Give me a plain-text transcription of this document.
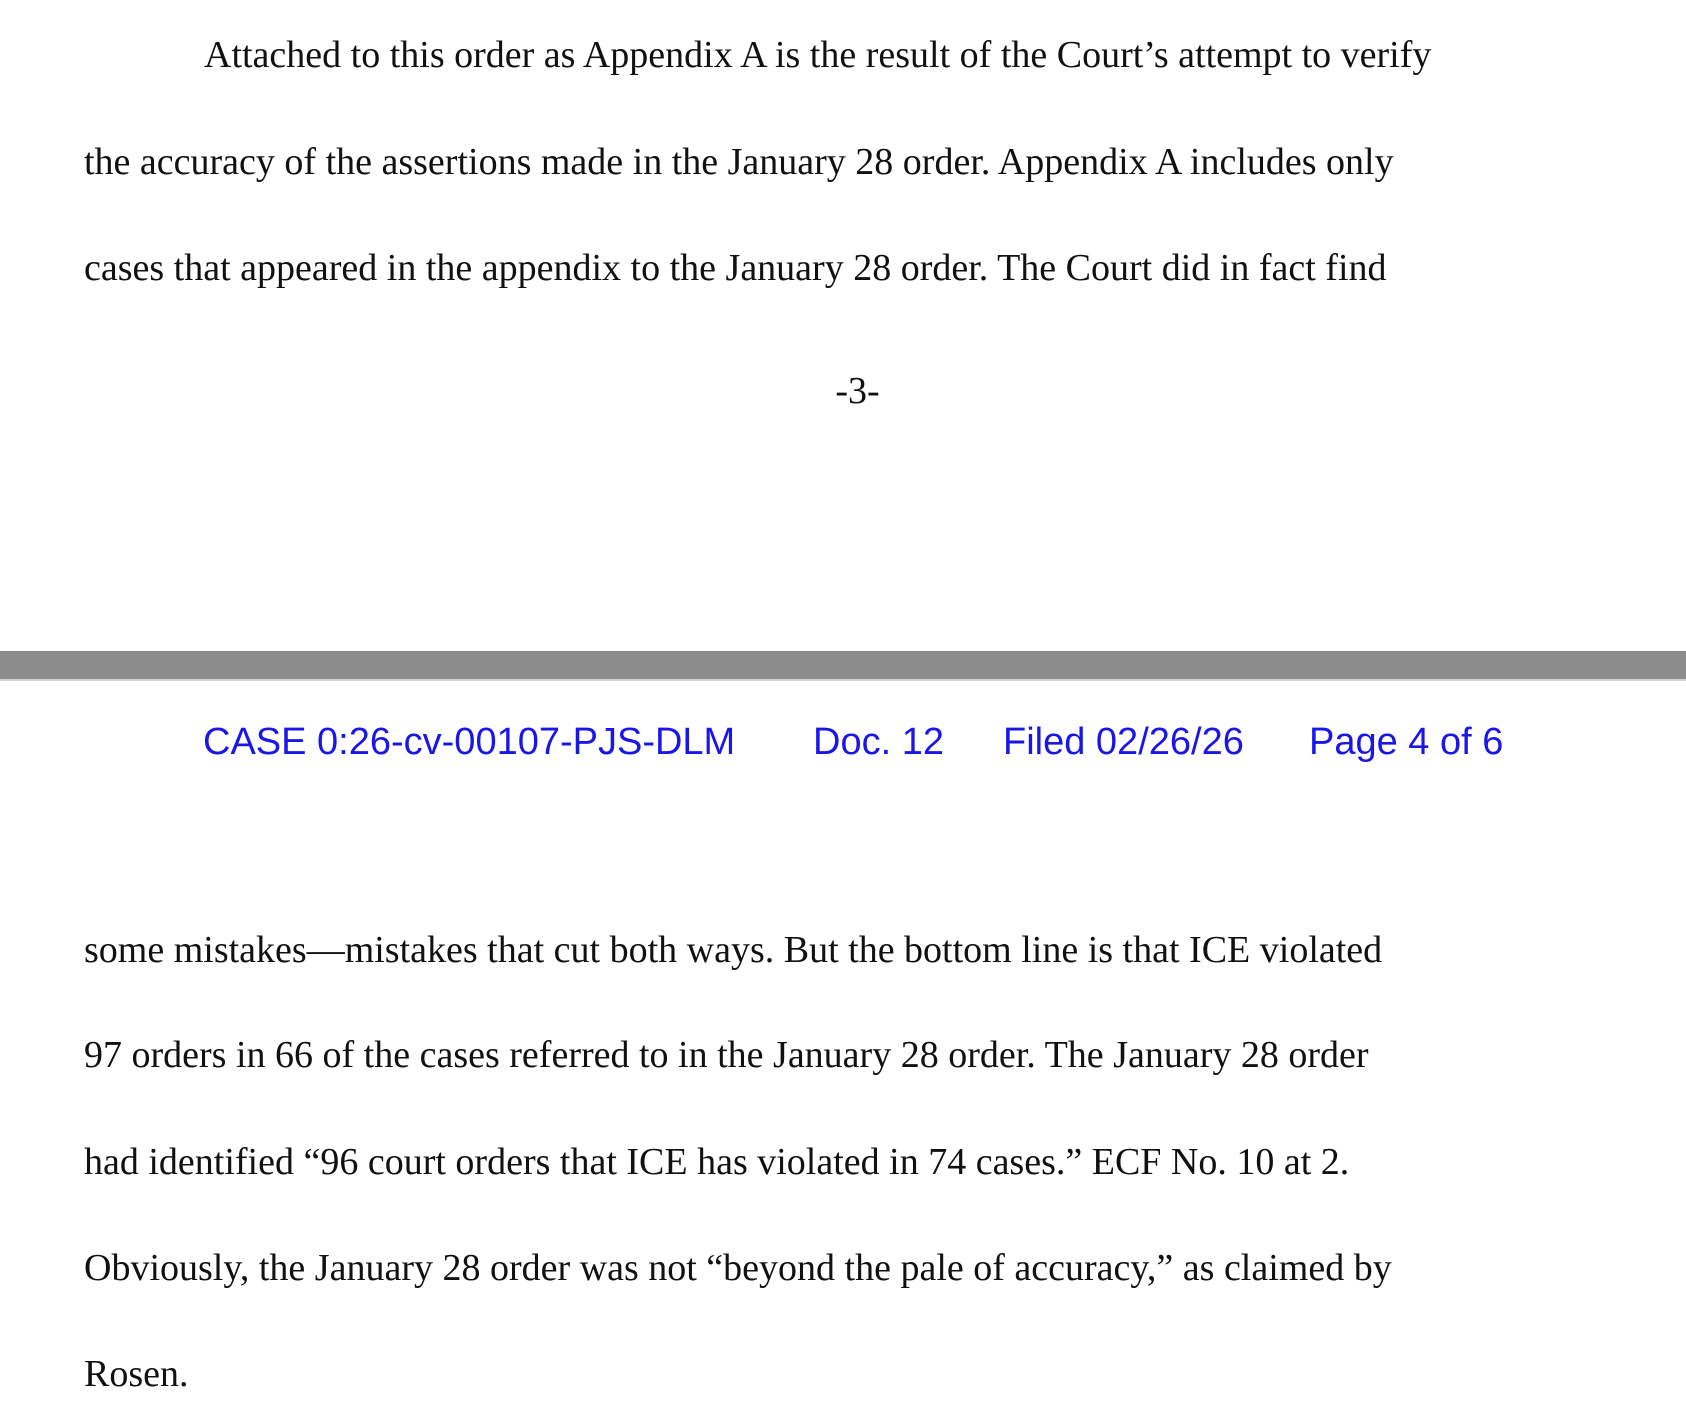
Attached to this order as Appendix A is the result of the Court’s attempt to verify
the accuracy of the assertions made in the January 28 order. Appendix A includes only
cases that appeared in the appendix to the January 28 order. The Court did in fact find
-3-
CASE 0:26-cv-00107-PJS-DLM Doc. 12 Filed 02/26/26 Page 4 of 6
some mistakes—mistakes that cut both ways. But the bottom line is that ICE violated
97 orders in 66 of the cases referred to in the January 28 order. The January 28 order
had identified “96 court orders that ICE has violated in 74 cases.” ECF No. 10 at 2.
Obviously, the January 28 order was not “beyond the pale of accuracy,” as claimed by
Rosen.
